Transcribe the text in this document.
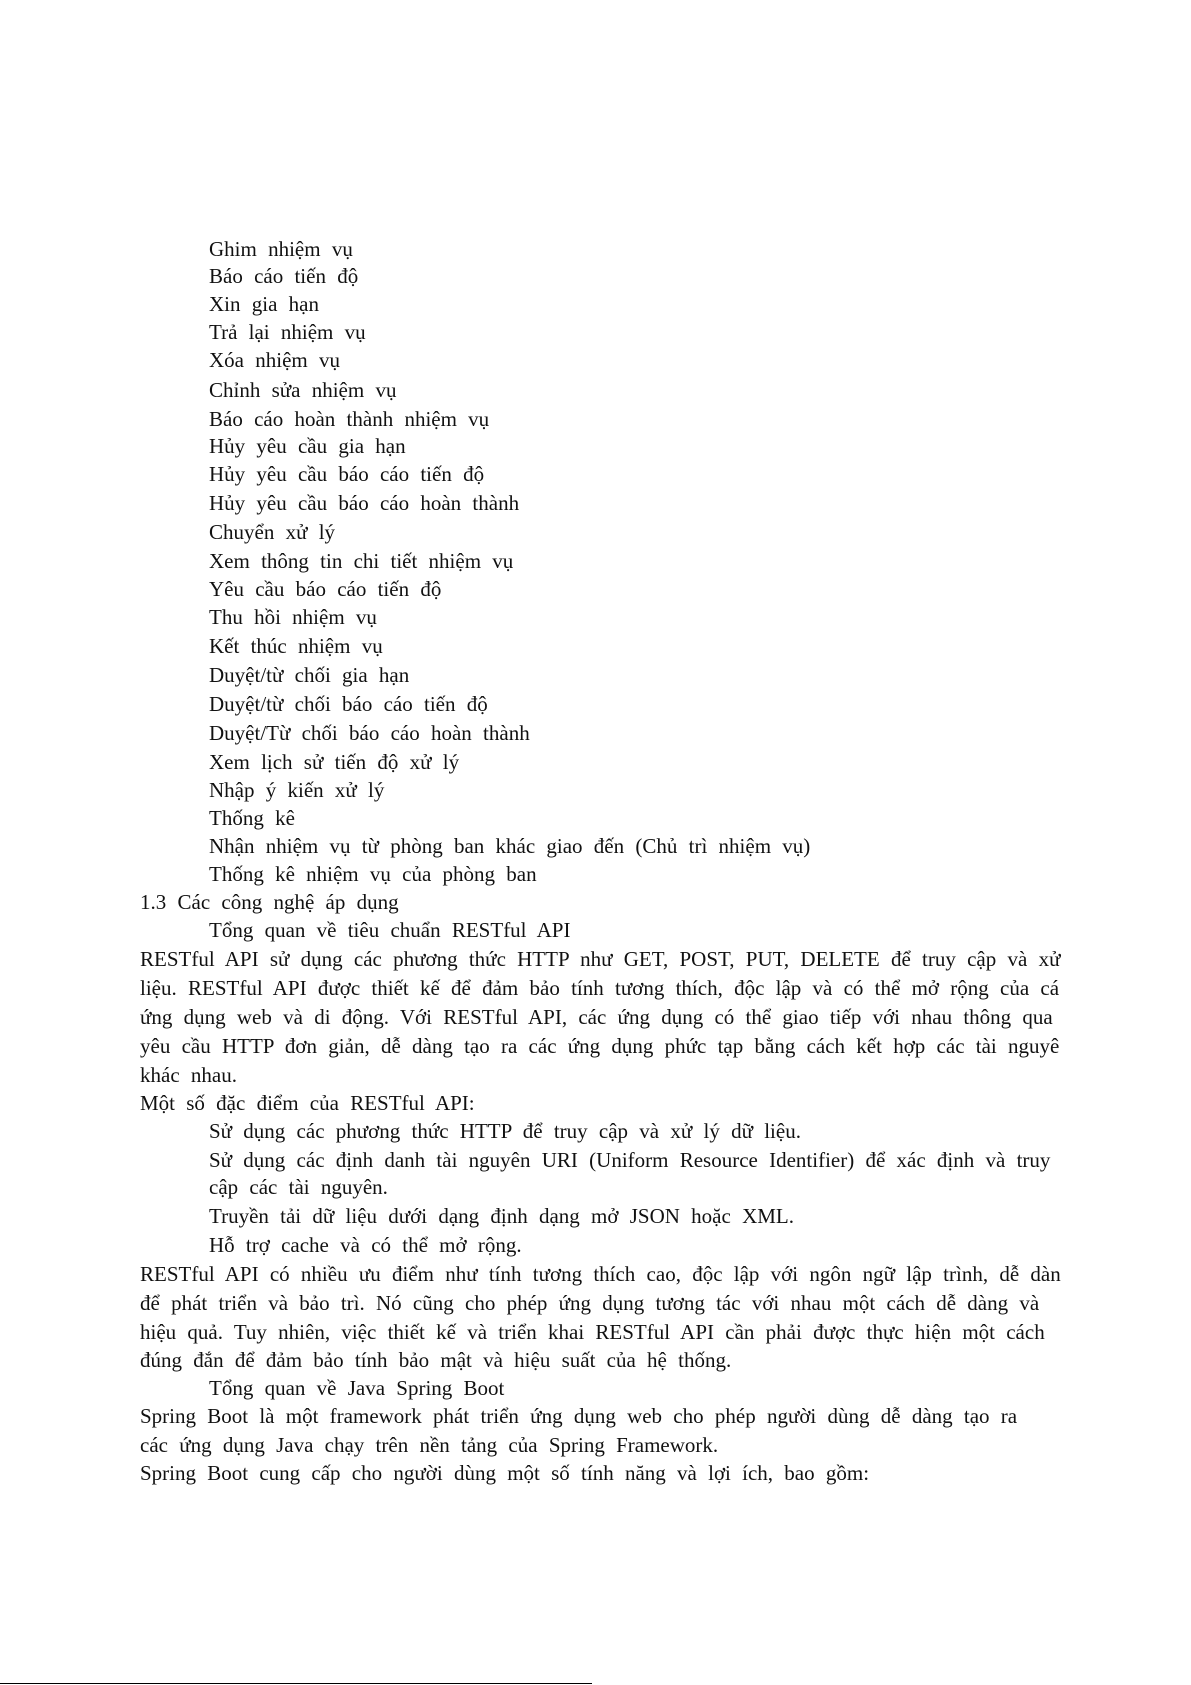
Ghim nhiệm vụ
Báo cáo tiến độ
Xin gia hạn
Trả lại nhiệm vụ
Xóa nhiệm vụ
Chỉnh sửa nhiệm vụ
Báo cáo hoàn thành nhiệm vụ
Hủy yêu cầu gia hạn
Hủy yêu cầu báo cáo tiến độ
Hủy yêu cầu báo cáo hoàn thành
Chuyển xử lý
Xem thông tin chi tiết nhiệm vụ
Yêu cầu báo cáo tiến độ
Thu hồi nhiệm vụ
Kết thúc nhiệm vụ
Duyệt/từ chối gia hạn
Duyệt/từ chối báo cáo tiến độ
Duyệt/Từ chối báo cáo hoàn thành
Xem lịch sử tiến độ xử lý
Nhập ý kiến xử lý
Thống kê
Nhận nhiệm vụ từ phòng ban khác giao đến (Chủ trì nhiệm vụ)
Thống kê nhiệm vụ của phòng ban
1.3 Các công nghệ áp dụng
Tổng quan về tiêu chuẩn RESTful API
RESTful API sử dụng các phương thức HTTP như GET, POST, PUT, DELETE để truy cập và xử
liệu. RESTful API được thiết kế để đảm bảo tính tương thích, độc lập và có thể mở rộng của cá
ứng dụng web và di động. Với RESTful API, các ứng dụng có thể giao tiếp với nhau thông qua
yêu cầu HTTP đơn giản, dễ dàng tạo ra các ứng dụng phức tạp bằng cách kết hợp các tài nguyê
khác nhau.
Một số đặc điểm của RESTful API:
Sử dụng các phương thức HTTP để truy cập và xử lý dữ liệu.
Sử dụng các định danh tài nguyên URI (Uniform Resource Identifier) để xác định và truy
cập các tài nguyên.
Truyền tải dữ liệu dưới dạng định dạng mở JSON hoặc XML.
Hỗ trợ cache và có thể mở rộng.
RESTful API có nhiều ưu điểm như tính tương thích cao, độc lập với ngôn ngữ lập trình, dễ dàn
để phát triển và bảo trì. Nó cũng cho phép ứng dụng tương tác với nhau một cách dễ dàng và
hiệu quả. Tuy nhiên, việc thiết kế và triển khai RESTful API cần phải được thực hiện một cách
đúng đắn để đảm bảo tính bảo mật và hiệu suất của hệ thống.
Tổng quan về Java Spring Boot
Spring Boot là một framework phát triển ứng dụng web cho phép người dùng dễ dàng tạo ra
các ứng dụng Java chạy trên nền tảng của Spring Framework.
Spring Boot cung cấp cho người dùng một số tính năng và lợi ích, bao gồm:
